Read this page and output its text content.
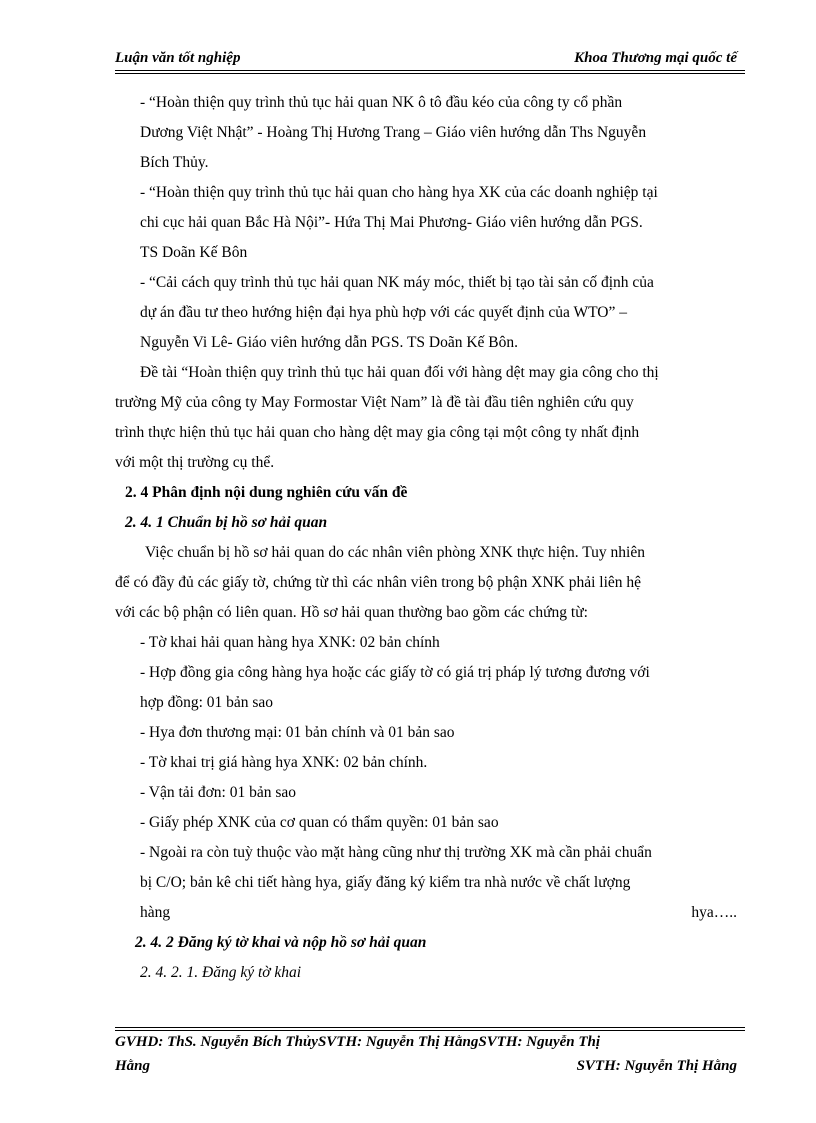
Luận văn tốt nghiệp	Khoa Thương mại quốc tế
- “Hoàn thiện quy trình thủ tục hải quan NK ô tô đầu kéo của công ty cổ phần
Dương Việt Nhật” - Hoàng Thị Hương Trang – Giáo viên hướng dẫn Ths Nguyễn
Bích Thủy.
- “Hoàn thiện quy trình thủ tục hải quan cho hàng hya XK của các doanh nghiệp tại
chi cục hải quan Bắc Hà Nội”- Hứa Thị Mai Phương- Giáo viên hướng dẫn PGS.
TS Doãn Kế Bôn
- “Cải cách quy trình thủ tục hải quan NK máy móc, thiết bị tạo tài sản cố định của
dự án đầu tư theo hướng hiện đại hya phù hợp với các quyết định của WTO” –
Nguyễn Vi Lê- Giáo viên hướng dẫn PGS. TS Doãn Kế Bôn.
Đề tài “Hoàn thiện quy trình thủ tục hải quan đối với hàng dệt may gia công cho thị
trường Mỹ của công ty May Formostar Việt Nam” là đề tài đầu tiên nghiên cứu quy
trình thực hiện thủ tục hải quan cho hàng dệt may gia công tại một công ty nhất định
với một thị trường cụ thể.
2. 4 Phân định nội dung nghiên cứu vấn đề
2. 4. 1 Chuẩn bị hồ sơ hải quan
Việc chuẩn bị hồ sơ hải quan do các nhân viên phòng XNK thực hiện. Tuy nhiên
để có đầy đủ các giấy tờ, chứng từ thì các nhân viên trong bộ phận XNK phải liên hệ
với các bộ phận có liên quan. Hồ sơ hải quan thường bao gồm các chứng từ:
- Tờ khai hải quan hàng hya XNK: 02 bản chính
- Hợp đồng gia công hàng hya hoặc các giấy tờ có giá trị pháp lý tương đương với
hợp đồng: 01 bản sao
- Hya đơn thương mại: 01 bản chính và 01 bản sao
- Tờ khai trị giá hàng hya XNK: 02 bản chính.
- Vận tải đơn: 01 bản sao
- Giấy phép XNK của cơ quan có thẩm quyền: 01 bản sao
- Ngoài ra còn tuỳ thuộc vào mặt hàng cũng như thị trường XK mà cần phải chuẩn
bị C/O; bản kê chi tiết hàng hya, giấy đăng ký kiểm tra nhà nước về chất lượng
hàng	hya…..
2. 4. 2 Đăng ký tờ khai và nộp hồ sơ hải quan
2. 4. 2. 1. Đăng ký tờ khai
GVHD: ThS. Nguyễn Bích ThủySVTH: Nguyễn Thị HằngSVTH: Nguyễn Thị
Hằng	SVTH: Nguyễn Thị Hằng
